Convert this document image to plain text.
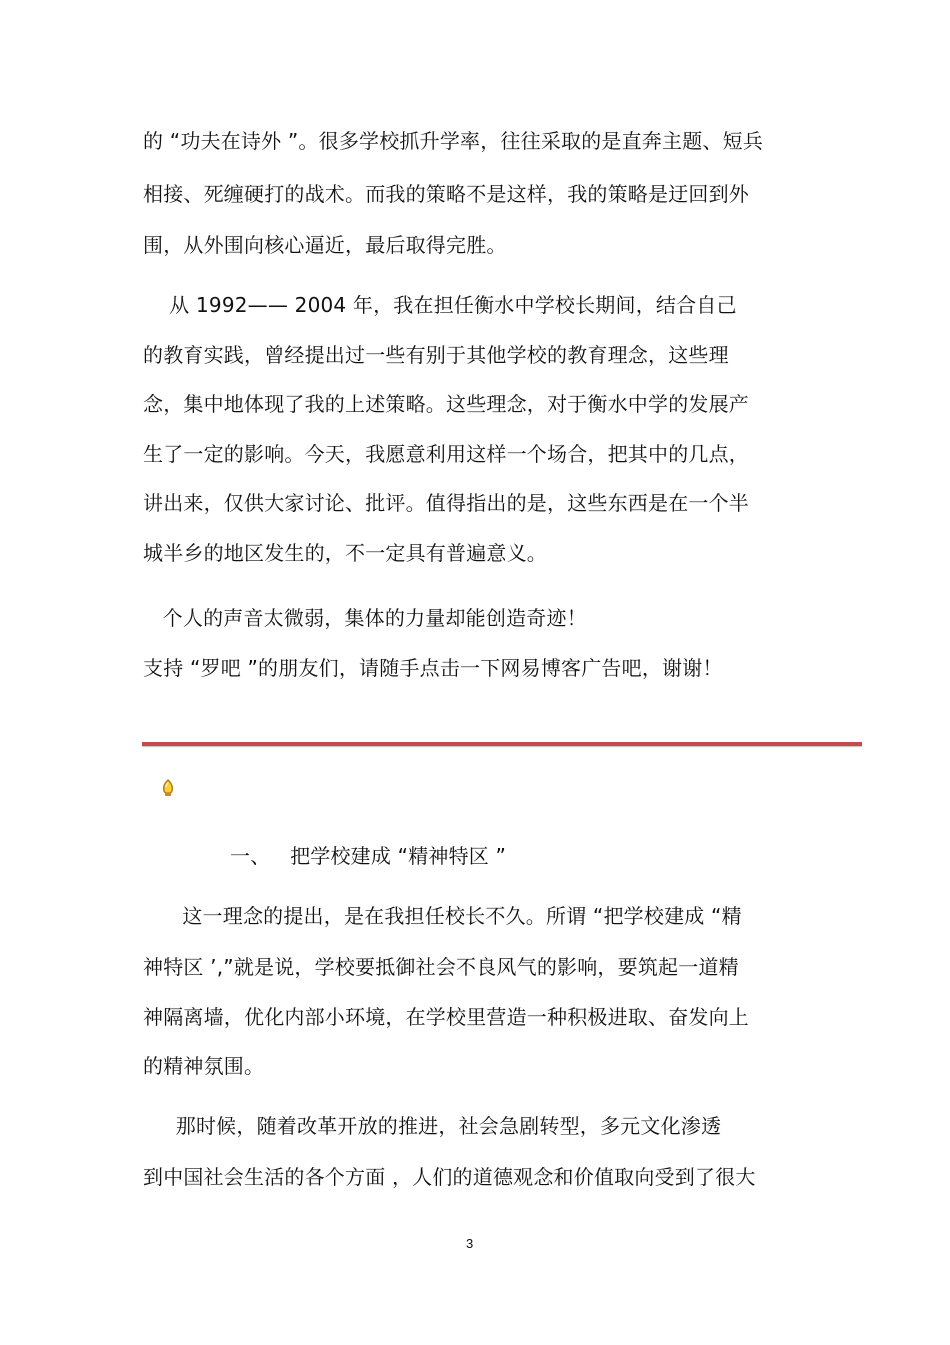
的 “功夫在诗外 ”。很多学校抓升学率，往往采取的是直奔主题、短兵
相接、死缠硬打的战术。而我的策略不是这样，我的策略是迂回到外
围，从外围向核心逼近，最后取得完胜。
从 1992—— 2004 年，我在担任衡水中学校长期间，结合自己
的教育实践，曾经提出过一些有别于其他学校的教育理念，这些理
念，集中地体现了我的上述策略。这些理念，对于衡水中学的发展产
生了一定的影响。今天，我愿意利用这样一个场合，把其中的几点，
讲出来，仅供大家讨论、批评。值得指出的是，这些东西是在一个半
城半乡的地区发生的，不一定具有普遍意义。
个人的声音太微弱，集体的力量却能创造奇迹！
支持 “罗吧 ”的朋友们，请随手点击一下网易博客广告吧，谢谢！
一、   把学校建成 “精神特区 ”
这一理念的提出，是在我担任校长不久。所谓 “把学校建成 “精
神特区 ’,”就是说，学校要抵御社会不良风气的影响，要筑起一道精
神隔离墙，优化内部小环境，在学校里营造一种积极进取、奋发向上
的精神氛围。
那时候，随着改革开放的推进，社会急剧转型，多元文化渗透
到中国社会生活的各个方面 ，人们的道德观念和价值取向受到了很大
3
